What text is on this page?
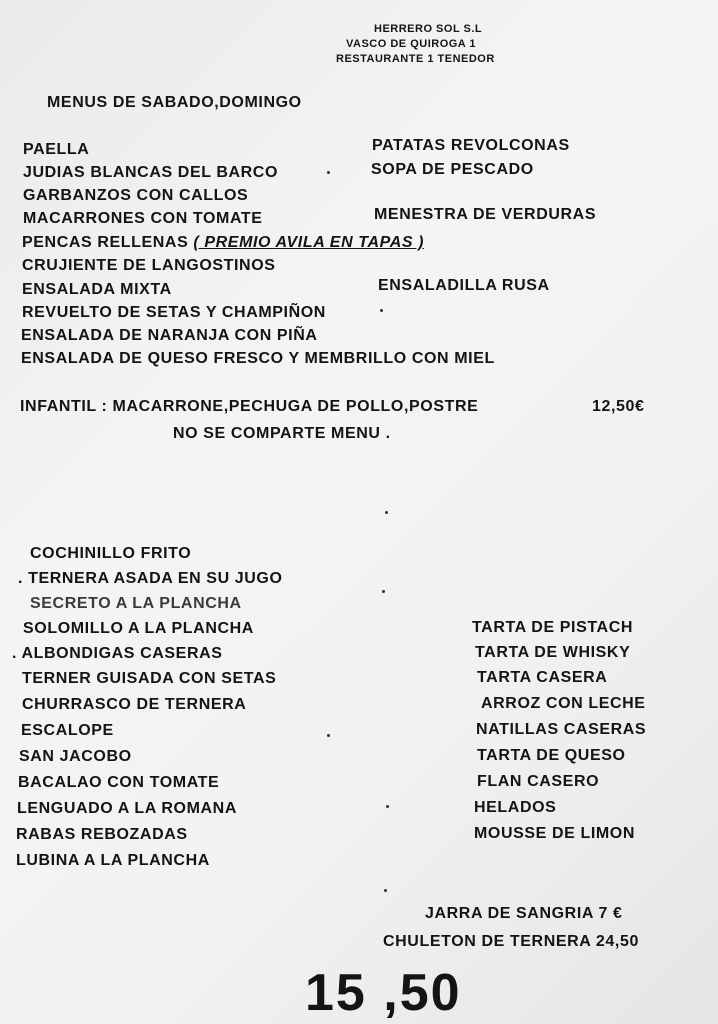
HERRERO SOL S.L
VASCO DE QUIROGA 1
RESTAURANTE 1 TENEDOR
MENUS DE SABADO,DOMINGO
PAELLA
JUDIAS BLANCAS DEL BARCO
GARBANZOS CON CALLOS
MACARRONES CON TOMATE
PENCAS RELLENAS ( PREMIO AVILA EN TAPAS )
CRUJIENTE DE LANGOSTINOS
ENSALADA MIXTA
REVUELTO DE SETAS Y CHAMPIÑON
ENSALADA DE NARANJA CON PIÑA
ENSALADA DE QUESO FRESCO Y MEMBRILLO CON MIEL
PATATAS REVOLCONAS
SOPA DE PESCADO
MENESTRA DE VERDURAS
ENSALADILLA RUSA
INFANTIL : MACARRONE,PECHUGA DE POLLO,POSTRE	12,50€
NO SE COMPARTE MENU .
COCHINILLO FRITO
. TERNERA ASADA EN SU JUGO
SECRETO A LA PLANCHA
SOLOMILLO A LA PLANCHA
. ALBONDIGAS CASERAS
TERNER GUISADA CON SETAS
CHURRASCO DE TERNERA
ESCALOPE
SAN JACOBO
BACALAO CON TOMATE
LENGUADO A LA ROMANA
RABAS REBOZADAS
LUBINA A LA PLANCHA
TARTA DE PISTACH
TARTA DE WHISKY
TARTA CASERA
ARROZ CON LECHE
NATILLAS CASERAS
TARTA DE QUESO
FLAN CASERO
HELADOS
MOUSSE DE LIMON
JARRA DE SANGRIA 7 €
CHULETON DE TERNERA 24,50
15 ,50
